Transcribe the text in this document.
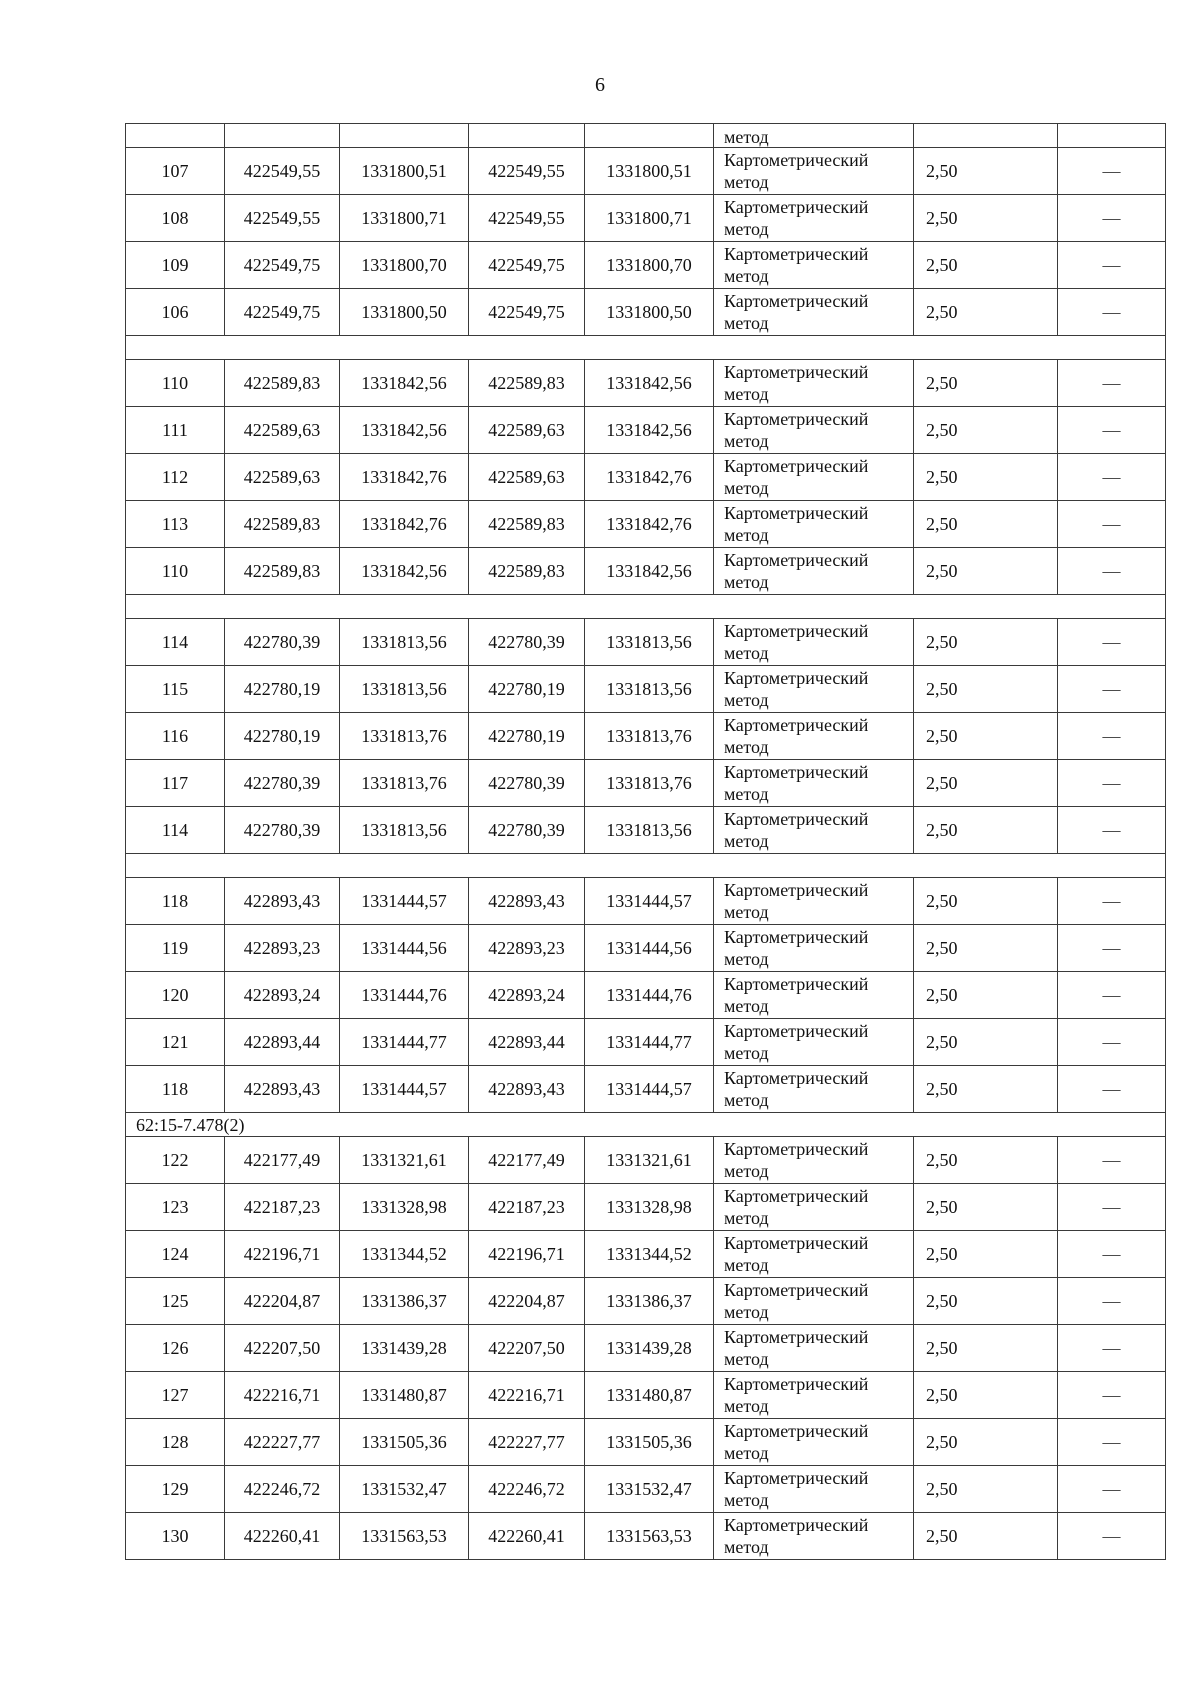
6
					метод		
107	422549,55	1331800,51	422549,55	1331800,51	Картометрический
метод	2,50	—
108	422549,55	1331800,71	422549,55	1331800,71	Картометрический
метод	2,50	—
109	422549,75	1331800,70	422549,75	1331800,70	Картометрический
метод	2,50	—
106	422549,75	1331800,50	422549,75	1331800,50	Картометрический
метод	2,50	—

110	422589,83	1331842,56	422589,83	1331842,56	Картометрический
метод	2,50	—
111	422589,63	1331842,56	422589,63	1331842,56	Картометрический
метод	2,50	—
112	422589,63	1331842,76	422589,63	1331842,76	Картометрический
метод	2,50	—
113	422589,83	1331842,76	422589,83	1331842,76	Картометрический
метод	2,50	—
110	422589,83	1331842,56	422589,83	1331842,56	Картометрический
метод	2,50	—

114	422780,39	1331813,56	422780,39	1331813,56	Картометрический
метод	2,50	—
115	422780,19	1331813,56	422780,19	1331813,56	Картометрический
метод	2,50	—
116	422780,19	1331813,76	422780,19	1331813,76	Картометрический
метод	2,50	—
117	422780,39	1331813,76	422780,39	1331813,76	Картометрический
метод	2,50	—
114	422780,39	1331813,56	422780,39	1331813,56	Картометрический
метод	2,50	—

118	422893,43	1331444,57	422893,43	1331444,57	Картометрический
метод	2,50	—
119	422893,23	1331444,56	422893,23	1331444,56	Картометрический
метод	2,50	—
120	422893,24	1331444,76	422893,24	1331444,76	Картометрический
метод	2,50	—
121	422893,44	1331444,77	422893,44	1331444,77	Картометрический
метод	2,50	—
118	422893,43	1331444,57	422893,43	1331444,57	Картометрический
метод	2,50	—
62:15-7.478(2)							
122	422177,49	1331321,61	422177,49	1331321,61	Картометрический
метод	2,50	—
123	422187,23	1331328,98	422187,23	1331328,98	Картометрический
метод	2,50	—
124	422196,71	1331344,52	422196,71	1331344,52	Картометрический
метод	2,50	—
125	422204,87	1331386,37	422204,87	1331386,37	Картометрический
метод	2,50	—
126	422207,50	1331439,28	422207,50	1331439,28	Картометрический
метод	2,50	—
127	422216,71	1331480,87	422216,71	1331480,87	Картометрический
метод	2,50	—
128	422227,77	1331505,36	422227,77	1331505,36	Картометрический
метод	2,50	—
129	422246,72	1331532,47	422246,72	1331532,47	Картометрический
метод	2,50	—
130	422260,41	1331563,53	422260,41	1331563,53	Картометрический
метод	2,50	—
